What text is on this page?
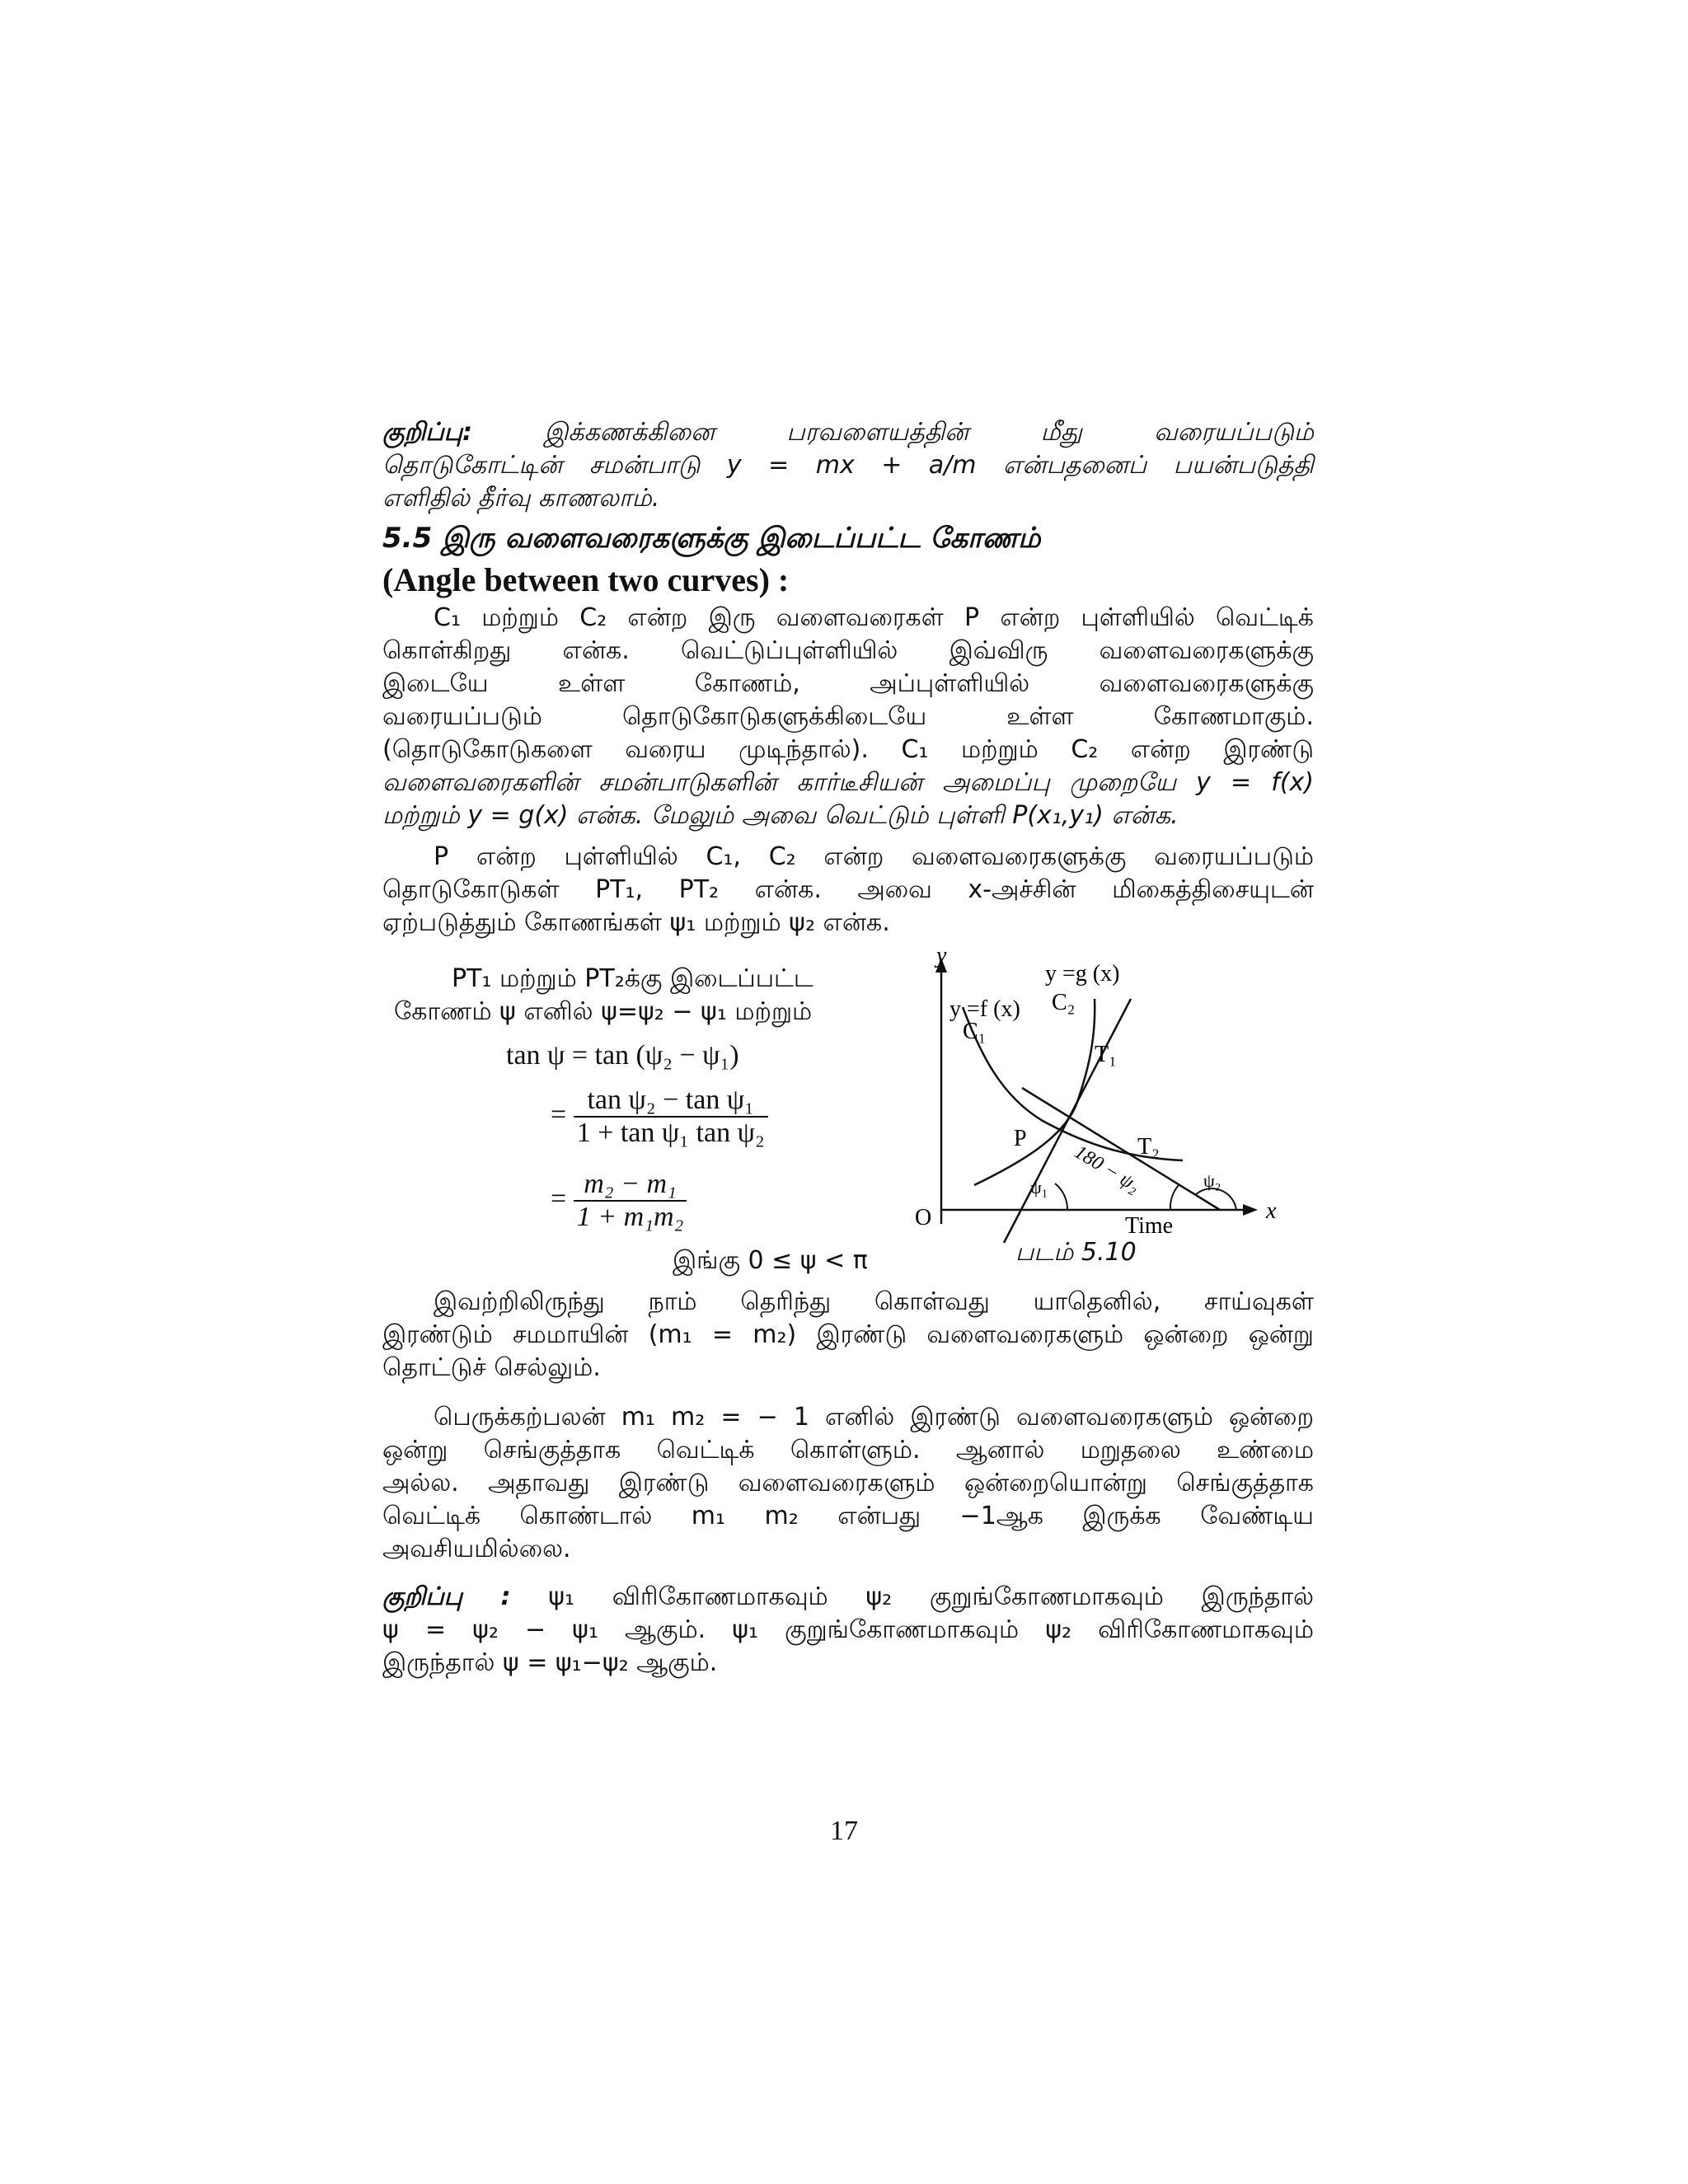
குறிப்பு:	இக்கணக்கினை பரவளையத்தின் மீது வரையப்படும்
தொடுகோட்டின் சமன்பாடு y = mx + a/m என்பதனைப் பயன்படுத்தி
எளிதில் தீர்வு காணலாம்.
5.5 இரு வளைவரைகளுக்கு இடைப்பட்ட கோணம்
(Angle between two curves) :
C₁ மற்றும் C₂ என்ற இரு வளைவரைகள் P என்ற புள்ளியில் வெட்டிக்
கொள்கிறது என்க. வெட்டுப்புள்ளியில் இவ்விரு வளைவரைகளுக்கு
இடையே உள்ள கோணம், அப்புள்ளியில் வளைவரைகளுக்கு
வரையப்படும் தொடுகோடுகளுக்கிடையே உள்ள கோணமாகும்.
(தொடுகோடுகளை வரைய முடிந்தால்). C₁ மற்றும் C₂ என்ற இரண்டு
வளைவரைகளின் சமன்பாடுகளின் கார்டீசியன் அமைப்பு முறையே y = f(x)
மற்றும் y = g(x) என்க. மேலும் அவை வெட்டும் புள்ளி P(x₁,y₁) என்க.
P என்ற புள்ளியில் C₁, C₂ என்ற வளைவரைகளுக்கு வரையப்படும்
தொடுகோடுகள் PT₁, PT₂ என்க. அவை x-அச்சின் மிகைத்திசையுடன்
ஏற்படுத்தும் கோணங்கள் ψ₁ மற்றும் ψ₂ என்க.
PT₁ மற்றும் PT₂க்கு இடைப்பட்ட
கோணம் ψ எனில் ψ=ψ₂ − ψ₁ மற்றும்
tan ψ = tan (ψ₂ − ψ₁)
= $\frac{\text{tan ψ₂ − tan ψ₁}}{\text{1 + tan ψ₁ tan ψ₂}}$
= $\frac{\text{m₂ − m₁}}{\text{1 + m₁m₂}}$
இங்கு 0 ≤ ψ < π
y
x
O	Time
y =g (x)
y =f (x)
C₁
C₂
T₁
T₂
P
ψ₁	ψ₂
180 − ψ₂
படம் 5.10
இவற்றிலிருந்து நாம் தெரிந்து கொள்வது யாதெனில், சாய்வுகள்
இரண்டும் சமமாயின் (m₁ = m₂) இரண்டு வளைவரைகளும் ஒன்றை ஒன்று
தொட்டுச் செல்லும்.
பெருக்கற்பலன் m₁ m₂ = − 1 எனில் இரண்டு வளைவரைகளும் ஒன்றை
ஒன்று செங்குத்தாக வெட்டிக் கொள்ளும். ஆனால் மறுதலை உண்மை
அல்ல. அதாவது இரண்டு வளைவரைகளும் ஒன்றையொன்று செங்குத்தாக
வெட்டிக் கொண்டால் m₁ m₂ என்பது −1ஆக இருக்க வேண்டிய
அவசியமில்லை.
குறிப்பு : ψ₁ விரிகோணமாகவும் ψ₂ குறுங்கோணமாகவும் இருந்தால்
ψ = ψ₂ − ψ₁ ஆகும். ψ₁ குறுங்கோணமாகவும் ψ₂ விரிகோணமாகவும்
இருந்தால் ψ = ψ₁−ψ₂ ஆகும்.
17
